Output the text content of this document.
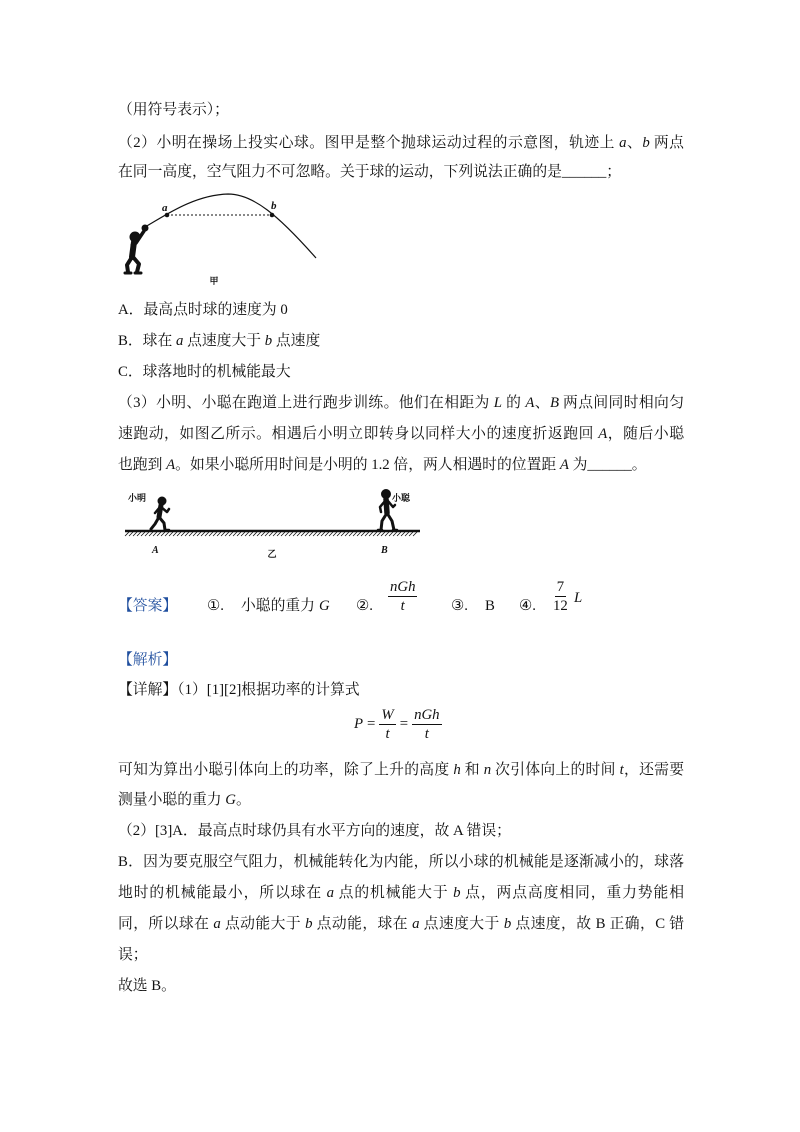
（用符号表示）；
（2）小明在操场上投实心球。图甲是整个抛球运动过程的示意图，轨迹上 a、b 两点
在同一高度，空气阻力不可忽略。关于球的运动，下列说法正确的是______；
a	b
甲
A．最高点时球的速度为 0
B．球在 a 点速度大于 b 点速度
C．球落地时的机械能最大
（3）小明、小聪在跑道上进行跑步训练。他们在相距为 L 的 A、B 两点间同时相向匀
速跑动，如图乙所示。相遇后小明立即转身以同样大小的速度折返跑回 A，随后小聪
也跑到 A。如果小聪所用时间是小明的 1.2 倍，两人相遇时的位置距 A 为______。
小明	小聪
A	乙	B
【答案】 ①. 小聪的重力 G ②.
nGh
t	③. B ④. $\frac{7}{12}$ L
【解析】
【详解】（1）[1][2]根据功率的计算式
$P = \frac{W}{t} = \frac{\text{nGh}}{t}$
可知为算出小聪引体向上的功率，除了上升的高度 h 和 n 次引体向上的时间 t，还需要
测量小聪的重力 G。
（2）[3]A．最高点时球仍具有水平方向的速度，故 A 错误；
B．因为要克服空气阻力，机械能转化为内能，所以小球的机械能是逐渐减小的，球落
地时的机械能最小，所以球在 a 点的机械能大于 b 点，两点高度相同，重力势能相
同，所以球在 a 点动能大于 b 点动能，球在 a 点速度大于 b 点速度，故 B 正确，C 错
误；
故选 B。
